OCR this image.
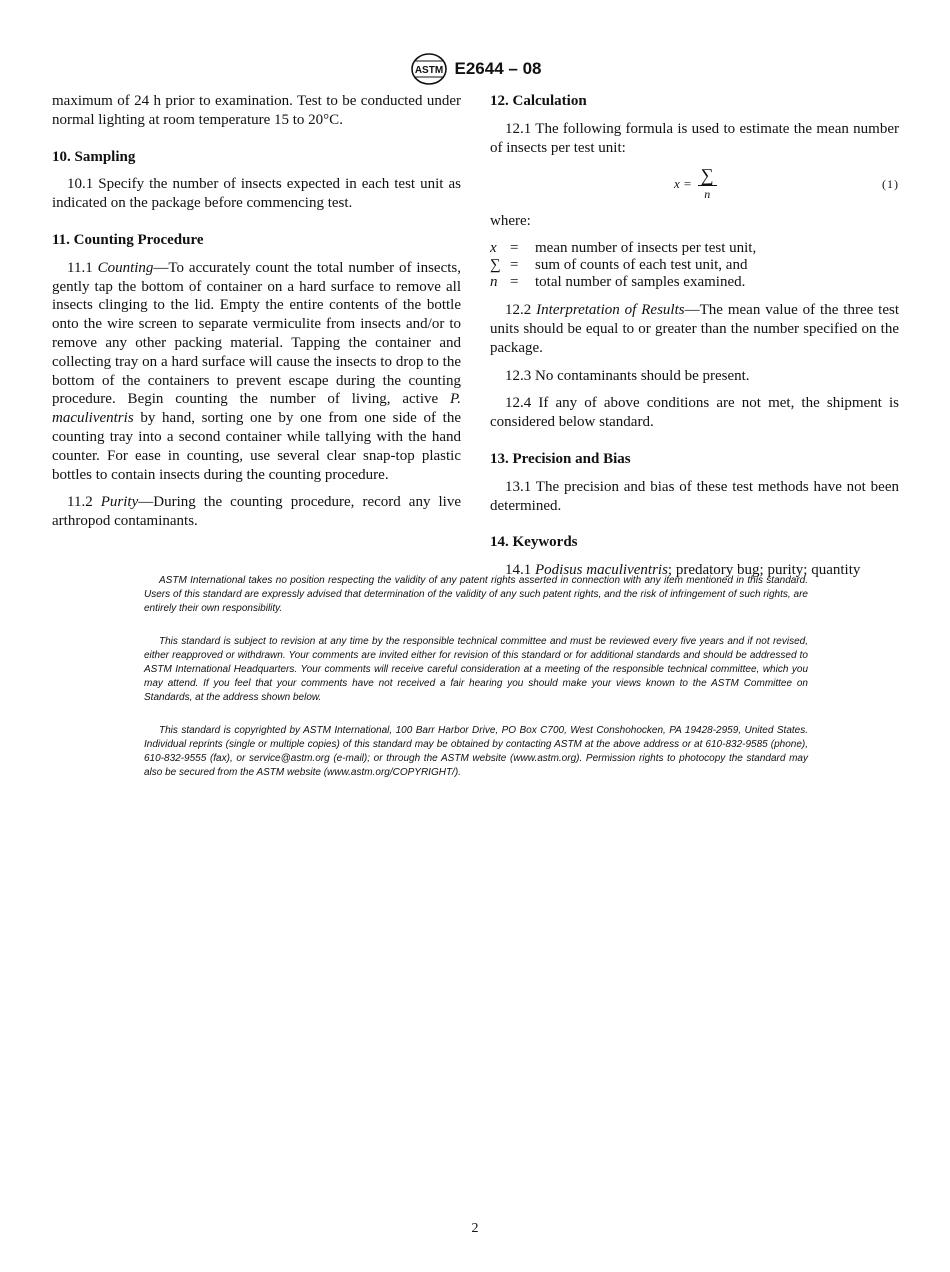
ASTM E2644 – 08

maximum of 24 h prior to examination. Test to be conducted under normal lighting at room temperature 15 to 20°C.

10. Sampling

10.1 Specify the number of insects expected in each test unit as indicated on the package before commencing test.

11. Counting Procedure

11.1 Counting—To accurately count the total number of insects, gently tap the bottom of container on a hard surface to remove all insects clinging to the lid. Empty the entire contents of the bottle onto the wire screen to separate vermiculite from insects and/or to remove any other packing material. Tapping the container and collecting tray on a hard surface will cause the insects to drop to the bottom of the containers to prevent escape during the counting procedure. Begin counting the number of living, active P. maculiventris by hand, sorting one by one from one side of the counting tray into a second container while tallying with the hand counter. For ease in counting, use several clear snap-top plastic bottles to contain insects during the counting procedure.

11.2 Purity—During the counting procedure, record any live arthropod contaminants.

12. Calculation

12.1 The following formula is used to estimate the mean number of insects per test unit:

$x = \frac{\sum}{n}$	(1)

where:

x =	mean number of insects per test unit,
∑ =	sum of counts of each test unit, and
n =	total number of samples examined.

12.2 Interpretation of Results—The mean value of the three test units should be equal to or greater than the number specified on the package.

12.3 No contaminants should be present.

12.4 If any of above conditions are not met, the shipment is considered below standard.

13. Precision and Bias

13.1 The precision and bias of these test methods have not been determined.

14. Keywords

14.1 Podisus maculiventris; predatory bug; purity; quantity

ASTM International takes no position respecting the validity of any patent rights asserted in connection with any item mentioned in this standard. Users of this standard are expressly advised that determination of the validity of any such patent rights, and the risk of infringement of such rights, are entirely their own responsibility.

This standard is subject to revision at any time by the responsible technical committee and must be reviewed every five years and if not revised, either reapproved or withdrawn. Your comments are invited either for revision of this standard or for additional standards and should be addressed to ASTM International Headquarters. Your comments will receive careful consideration at a meeting of the responsible technical committee, which you may attend. If you feel that your comments have not received a fair hearing you should make your views known to the ASTM Committee on Standards, at the address shown below.

This standard is copyrighted by ASTM International, 100 Barr Harbor Drive, PO Box C700, West Conshohocken, PA 19428-2959, United States. Individual reprints (single or multiple copies) of this standard may be obtained by contacting ASTM at the above address or at 610-832-9585 (phone), 610-832-9555 (fax), or service@astm.org (e-mail); or through the ASTM website (www.astm.org). Permission rights to photocopy the standard may also be secured from the ASTM website (www.astm.org/COPYRIGHT/).

2
